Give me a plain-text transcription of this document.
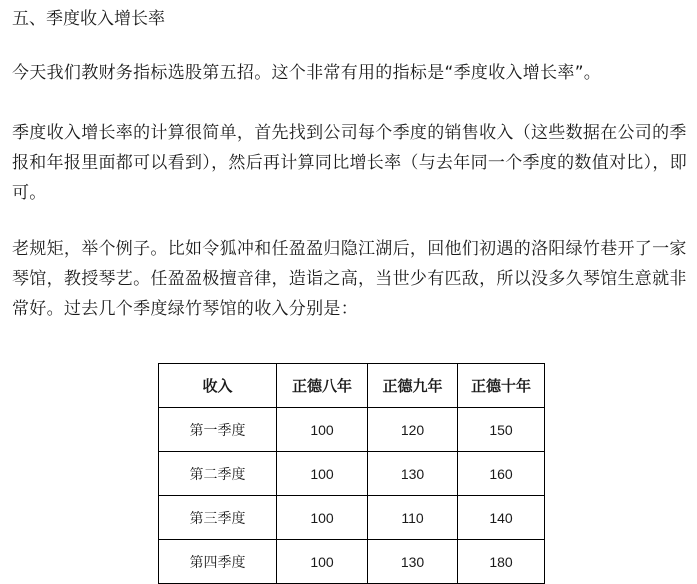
五、季度收入增长率
今天我们教财务指标选股第五招。这个非常有用的指标是“季度收入增长率”。
季度收入增长率的计算很简单，首先找到公司每个季度的销售收入（这些数据在公司的季报和年报里面都可以看到），然后再计算同比增长率（与去年同一个季度的数值对比），即可。
老规矩，举个例子。比如令狐冲和任盈盈归隐江湖后，回他们初遇的洛阳绿竹巷开了一家琴馆，教授琴艺。任盈盈极擅音律，造诣之高，当世少有匹敌，所以没多久琴馆生意就非常好。过去几个季度绿竹琴馆的收入分别是：
收入	正德八年	正德九年	正德十年
第一季度	100	120	150
第二季度	100	130	160
第三季度	100	110	140
第四季度	100	130	180
